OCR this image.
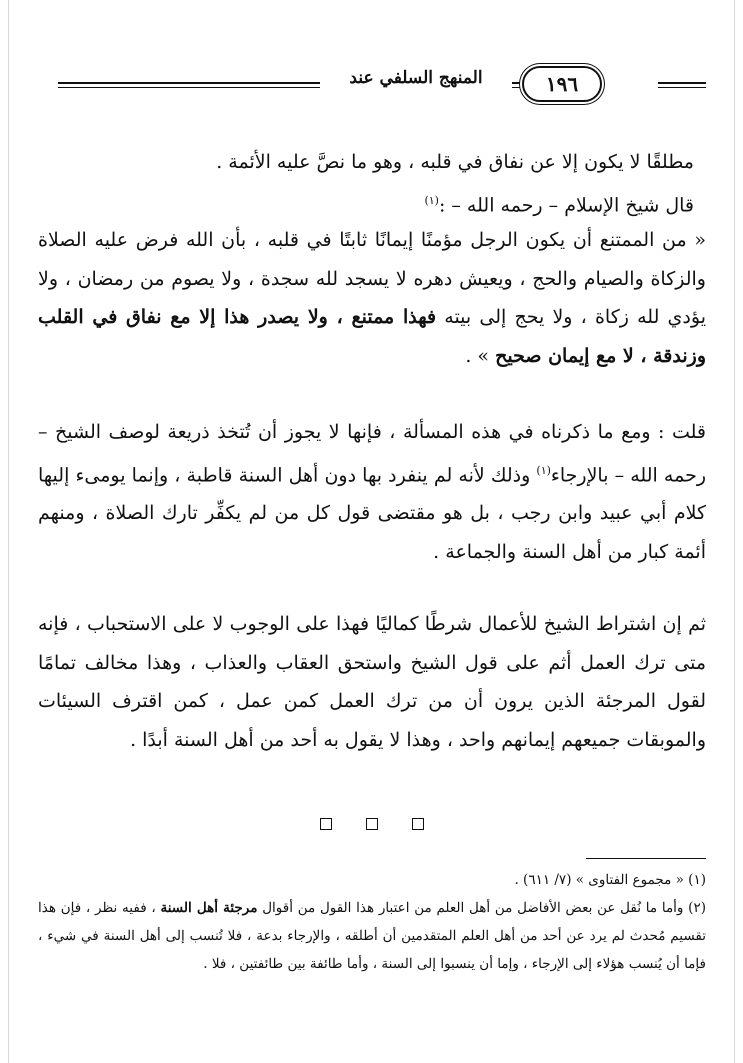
المنهج السلفي عند	١٩٦

مطلقًا لا يكون إلا عن نفاق في قلبه ، وهو ما نصَّ عليه الأئمة .

قال شيخ الإسلام – رحمه الله – :$^{(١)}$

« من الممتنع أن يكون الرجل مؤمنًا إيمانًا ثابتًا في قلبه ، بأن الله فرض عليه الصلاة والزكاة والصيام والحج ، ويعيش دهره لا يسجد لله سجدة ، ولا يصوم من رمضان ، ولا يؤدي لله زكاة ، ولا يحج إلى بيته فهذا ممتنع ، ولا يصدر هذا إلا مع نفاق في القلب وزندقة ، لا مع إيمان صحيح » .

قلت : ومع ما ذكرناه في هذه المسألة ، فإنها لا يجوز أن تُتخذ ذريعة لوصف الشيخ – رحمه الله – بالإرجاء$^{(١)}$ وذلك لأنه لم ينفرد بها دون أهل السنة قاطبة ، وإنما يومىء إليها كلام أبي عبيد وابن رجب ، بل هو مقتضى قول كل من لم يكفِّر تارك الصلاة ، ومنهم أئمة كبار من أهل السنة والجماعة .

ثم إن اشتراط الشيخ للأعمال شرطًا كماليًا فهذا على الوجوب لا على الاستحباب ، فإنه متى ترك العمل أثم على قول الشيخ واستحق العقاب والعذاب ، وهذا مخالف تمامًا لقول المرجئة الذين يرون أن من ترك العمل كمن عمل ، كمن اقترف السيئات والموبقات جميعهم إيمانهم واحد ، وهذا لا يقول به أحد من أهل السنة أبدًا .

(١) « مجموع الفتاوى » (٧/ ٦١١) .

(٢) وأما ما نُقل عن بعض الأفاضل من أهل العلم من اعتبار هذا القول من أقوال مرجئة أهل السنة ، ففيه نظر ، فإن هذا تقسيم مُحدث لم يرد عن أحد من أهل العلم المتقدمين أن أطلقه ، والإرجاء بدعة ، فلا تُنسب إلى أهل السنة في شيء ، فإما أن يُنسب هؤلاء إلى الإرجاء ، وإما أن ينسبوا إلى السنة ، وأما طائفة بين طائفتين ، فلا .
